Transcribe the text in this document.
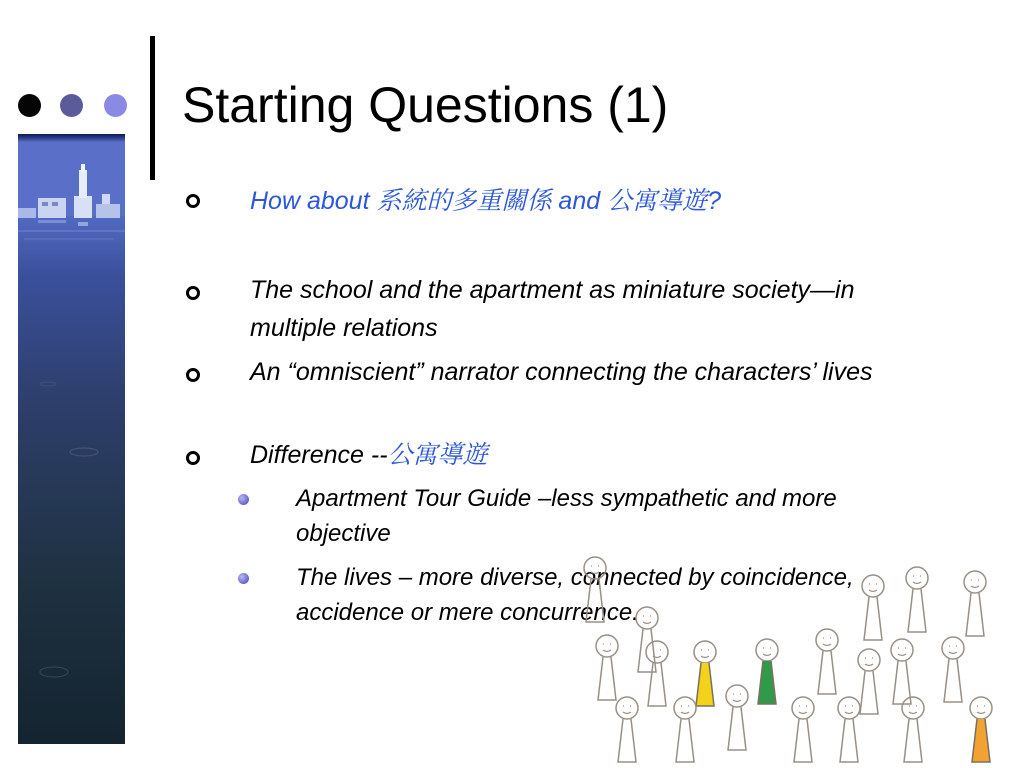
Starting Questions (1)
How about 系統的多重關係 and 公寓導遊?
The school and the apartment as miniature society—in multiple relations
An “omniscient” narrator connecting the characters’ lives
Difference --公寓導遊
Apartment Tour Guide –less sympathetic and more objective
The lives – more diverse, connected by coincidence, accidence or mere concurrence.
